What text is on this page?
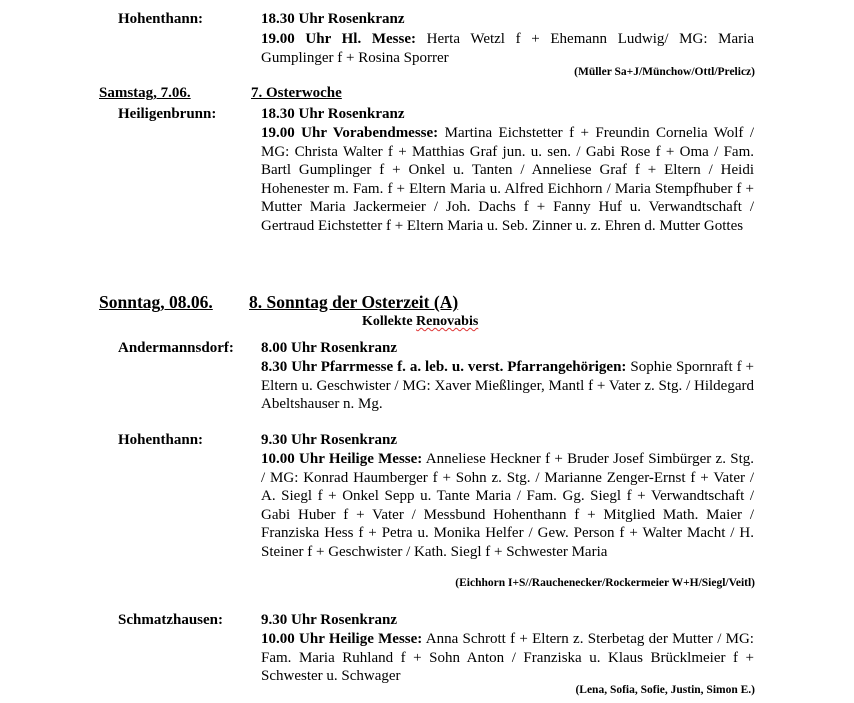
Hohenthann:	18.30 Uhr Rosenkranz
19.00 Uhr Hl. Messe: Herta Wetzl f + Ehemann Ludwig/ MG: Maria Gumplinger f + Rosina Sporrer
(Müller Sa+J/Münchow/Ottl/Prelicz)
Samstag, 7.06.	7. Osterwoche
Heiligenbrunn:	18.30 Uhr Rosenkranz
19.00 Uhr Vorabendmesse: Martina Eichstetter f + Freundin Cornelia Wolf / MG: Christa Walter f + Matthias Graf jun. u. sen. / Gabi Rose f + Oma / Fam. Bartl Gumplinger f + Onkel u. Tanten / Anneliese Graf f + Eltern / Heidi Hohenester m. Fam. f + Eltern Maria u. Alfred Eichhorn / Maria Stempfhuber f + Mutter Maria Jackermeier / Joh. Dachs f + Fanny Huf u. Verwandtschaft / Gertraud Eichstetter f + Eltern Maria u. Seb. Zinner u. z. Ehren d. Mutter Gottes
Sonntag, 08.06. 8. Sonntag der Osterzeit (A)
Kollekte Renovabis
Andermannsdorf: 8.00 Uhr Rosenkranz
8.30 Uhr Pfarrmesse f. a. leb. u. verst. Pfarrangehörigen: Sophie Spornraft f + Eltern u. Geschwister / MG: Xaver Mießlinger, Mantl f + Vater z. Stg. / Hildegard Abeltshauser n. Mg.
Hohenthann:	9.30 Uhr Rosenkranz
10.00 Uhr Heilige Messe: Anneliese Heckner f + Bruder Josef Simbürger z. Stg. / MG: Konrad Haumberger f + Sohn z. Stg. / Marianne Zenger-Ernst f + Vater / A. Siegl f + Onkel Sepp u. Tante Maria / Fam. Gg. Siegl f + Verwandtschaft / Gabi Huber f + Vater / Messbund Hohenthann f + Mitglied Math. Maier / Franziska Hess f + Petra u. Monika Helfer / Gew. Person f + Walter Macht / H. Steiner f + Geschwister / Kath. Siegl f + Schwester Maria
(Eichhorn I+S//Rauchenecker/Rockermeier W+H/Siegl/Veitl)
Schmatzhausen:	9.30 Uhr Rosenkranz
10.00 Uhr Heilige Messe: Anna Schrott f + Eltern z. Sterbetag der Mutter / MG: Fam. Maria Ruhland f + Sohn Anton / Franziska u. Klaus Brücklmeier f + Schwester u. Schwager
(Lena, Sofia, Sofie, Justin, Simon E.)
